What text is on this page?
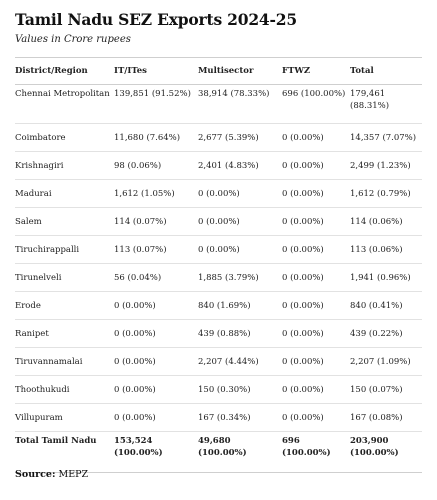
Tamil Nadu SEZ Exports 2024-25

Values in Crore rupees

District/Region	IT/ITes	Multisector	FTWZ	Total
Chennai Metropolitan	139,851 (91.52%)	38,914 (78.33%)	696 (100.00%)	179,461 (88.31%)
Coimbatore	11,680 (7.64%)	2,677 (5.39%)	0 (0.00%)	14,357 (7.07%)
Krishnagiri	98 (0.06%)	2,401 (4.83%)	0 (0.00%)	2,499 (1.23%)
Madurai	1,612 (1.05%)	0 (0.00%)	0 (0.00%)	1,612 (0.79%)
Salem	114 (0.07%)	0 (0.00%)	0 (0.00%)	114 (0.06%)
Tiruchirappalli	113 (0.07%)	0 (0.00%)	0 (0.00%)	113 (0.06%)
Tirunelveli	56 (0.04%)	1,885 (3.79%)	0 (0.00%)	1,941 (0.96%)
Erode	0 (0.00%)	840 (1.69%)	0 (0.00%)	840 (0.41%)
Ranipet	0 (0.00%)	439 (0.88%)	0 (0.00%)	439 (0.22%)
Tiruvannamalai	0 (0.00%)	2,207 (4.44%)	0 (0.00%)	2,207 (1.09%)
Thoothukudi	0 (0.00%)	150 (0.30%)	0 (0.00%)	150 (0.07%)
Villupuram	0 (0.00%)	167 (0.34%)	0 (0.00%)	167 (0.08%)
Total Tamil Nadu	153,524 (100.00%)	49,680 (100.00%)	696 (100.00%)	203,900 (100.00%)
Source: MEPZ
